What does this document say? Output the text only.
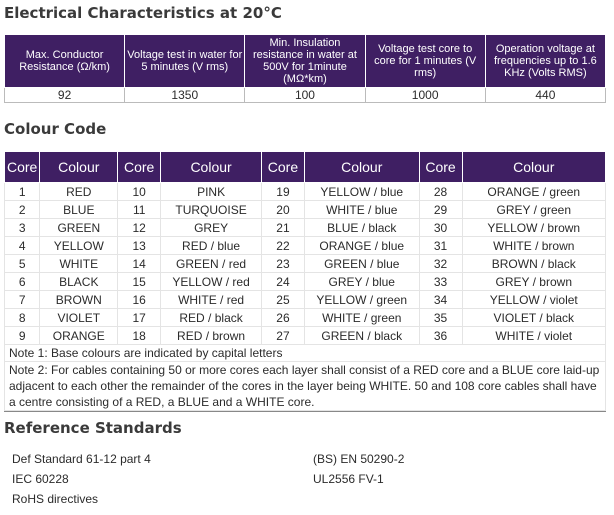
Electrical Characteristics at 20°C
Max. Conductor Resistance (Ω/km)	Voltage test in water for 5 minutes (V rms)	Min. Insulation resistance in water at 500V for 1minute (MΩ*km)	Voltage test core to core for 1 minutes (V rms)	Operation voltage at frequencies up to 1.6 KHz (Volts RMS)
92	1350	100	1000	440
Colour Code
Core	Colour	Core	Colour	Core	Colour	Core	Colour
1	RED	10	PINK	19	YELLOW / blue	28	ORANGE / green
2	BLUE	11	TURQUOISE	20	WHITE / blue	29	GREY / green
3	GREEN	12	GREY	21	BLUE / black	30	YELLOW / brown
4	YELLOW	13	RED / blue	22	ORANGE / blue	31	WHITE / brown
5	WHITE	14	GREEN / red	23	GREEN / blue	32	BROWN / black
6	BLACK	15	YELLOW / red	24	GREY / blue	33	GREY / brown
7	BROWN	16	WHITE / red	25	YELLOW / green	34	YELLOW / violet
8	VIOLET	17	RED / black	26	WHITE / green	35	VIOLET / black
9	ORANGE	18	RED / brown	27	GREEN / black	36	WHITE / violet
Note 1: Base colours are indicated by capital letters							
Note 2: For cables containing 50 or more cores each layer shall consist of a RED core and a BLUE core laid-up adjacent to each other the remainder of the cores in the layer being WHITE. 50 and 108 core cables shall have a centre consisting of a RED, a BLUE and a WHITE core.							
Reference Standards
Def Standard 61-12 part 4
IEC 60228
RoHS directives
(BS) EN 50290-2
UL2556 FV-1
